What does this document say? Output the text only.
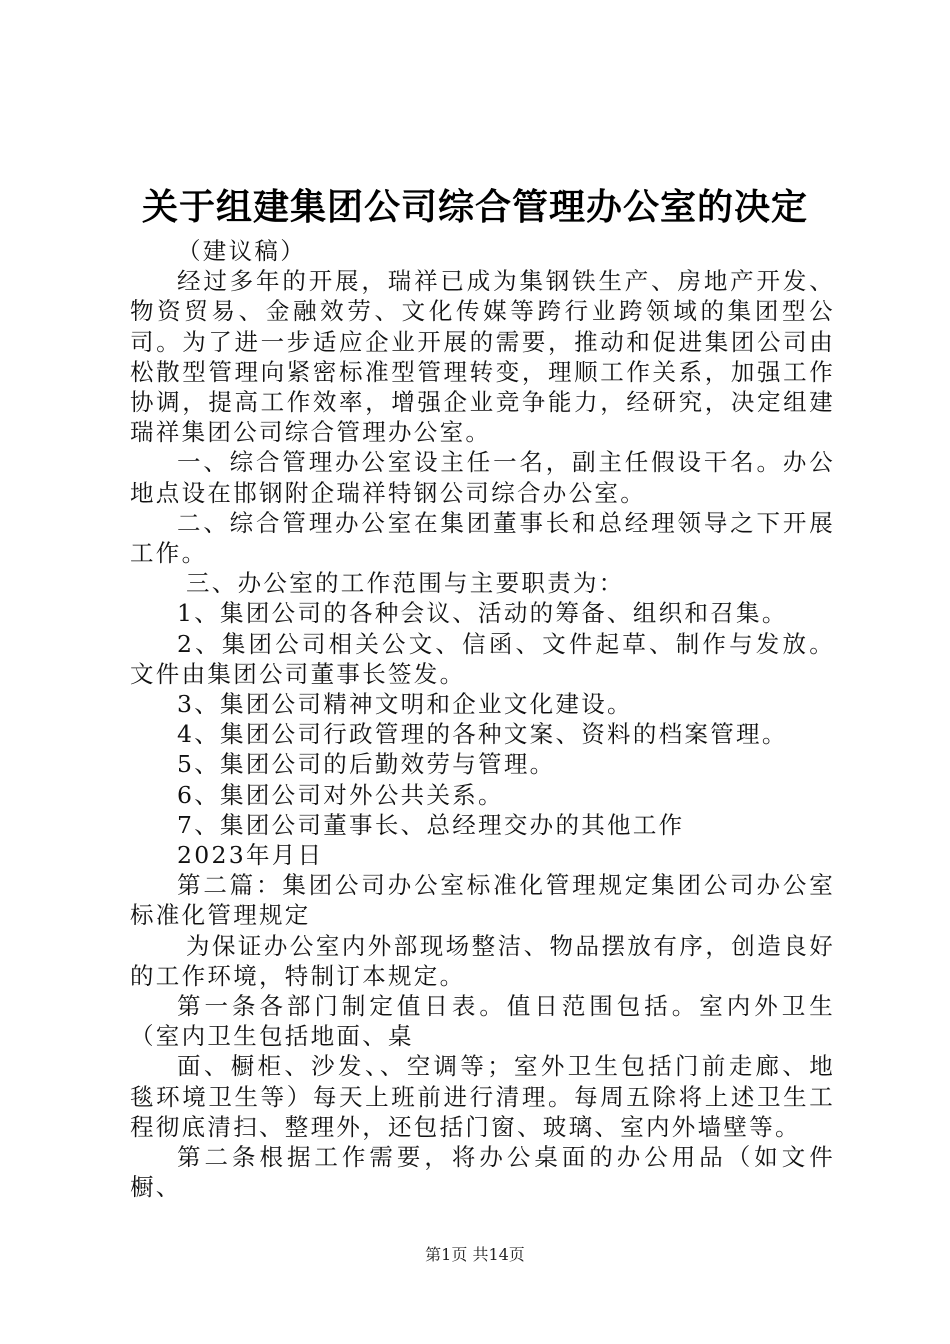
关于组建集团公司综合管理办公室的决定

（建议稿）

经过多年的开展，瑞祥已成为集钢铁生产、房地产开发、物资贸易、金融效劳、文化传媒等跨行业跨领域的集团型公司。为了进一步适应企业开展的需要，推动和促进集团公司由松散型管理向紧密标准型管理转变，理顺工作关系，加强工作协调，提高工作效率，增强企业竞争能力，经研究，决定组建瑞祥集团公司综合管理办公室。

一、综合管理办公室设主任一名，副主任假设干名。办公地点设在邯钢附企瑞祥特钢公司综合办公室。

二、综合管理办公室在集团董事长和总经理领导之下开展工作。

三、办公室的工作范围与主要职责为：

1、集团公司的各种会议、活动的筹备、组织和召集。

2、集团公司相关公文、信函、文件起草、制作与发放。文件由集团公司董事长签发。

3、集团公司精神文明和企业文化建设。

4、集团公司行政管理的各种文案、资料的档案管理。

5、集团公司的后勤效劳与管理。

6、集团公司对外公共关系。

7、集团公司董事长、总经理交办的其他工作

2023年月日

第二篇：集团公司办公室标准化管理规定集团公司办公室标准化管理规定

为保证办公室内外部现场整洁、物品摆放有序，创造良好的工作环境，特制订本规定。

第一条各部门制定值日表。值日范围包括。室内外卫生（室内卫生包括地面、桌

面、橱柜、沙发、、空调等；室外卫生包括门前走廊、地毯环境卫生等）每天上班前进行清理。每周五除将上述卫生工程彻底清扫、整理外，还包括门窗、玻璃、室内外墙壁等。

第二条根据工作需要，将办公桌面的办公用品（如文件橱、

第1页 共14页
